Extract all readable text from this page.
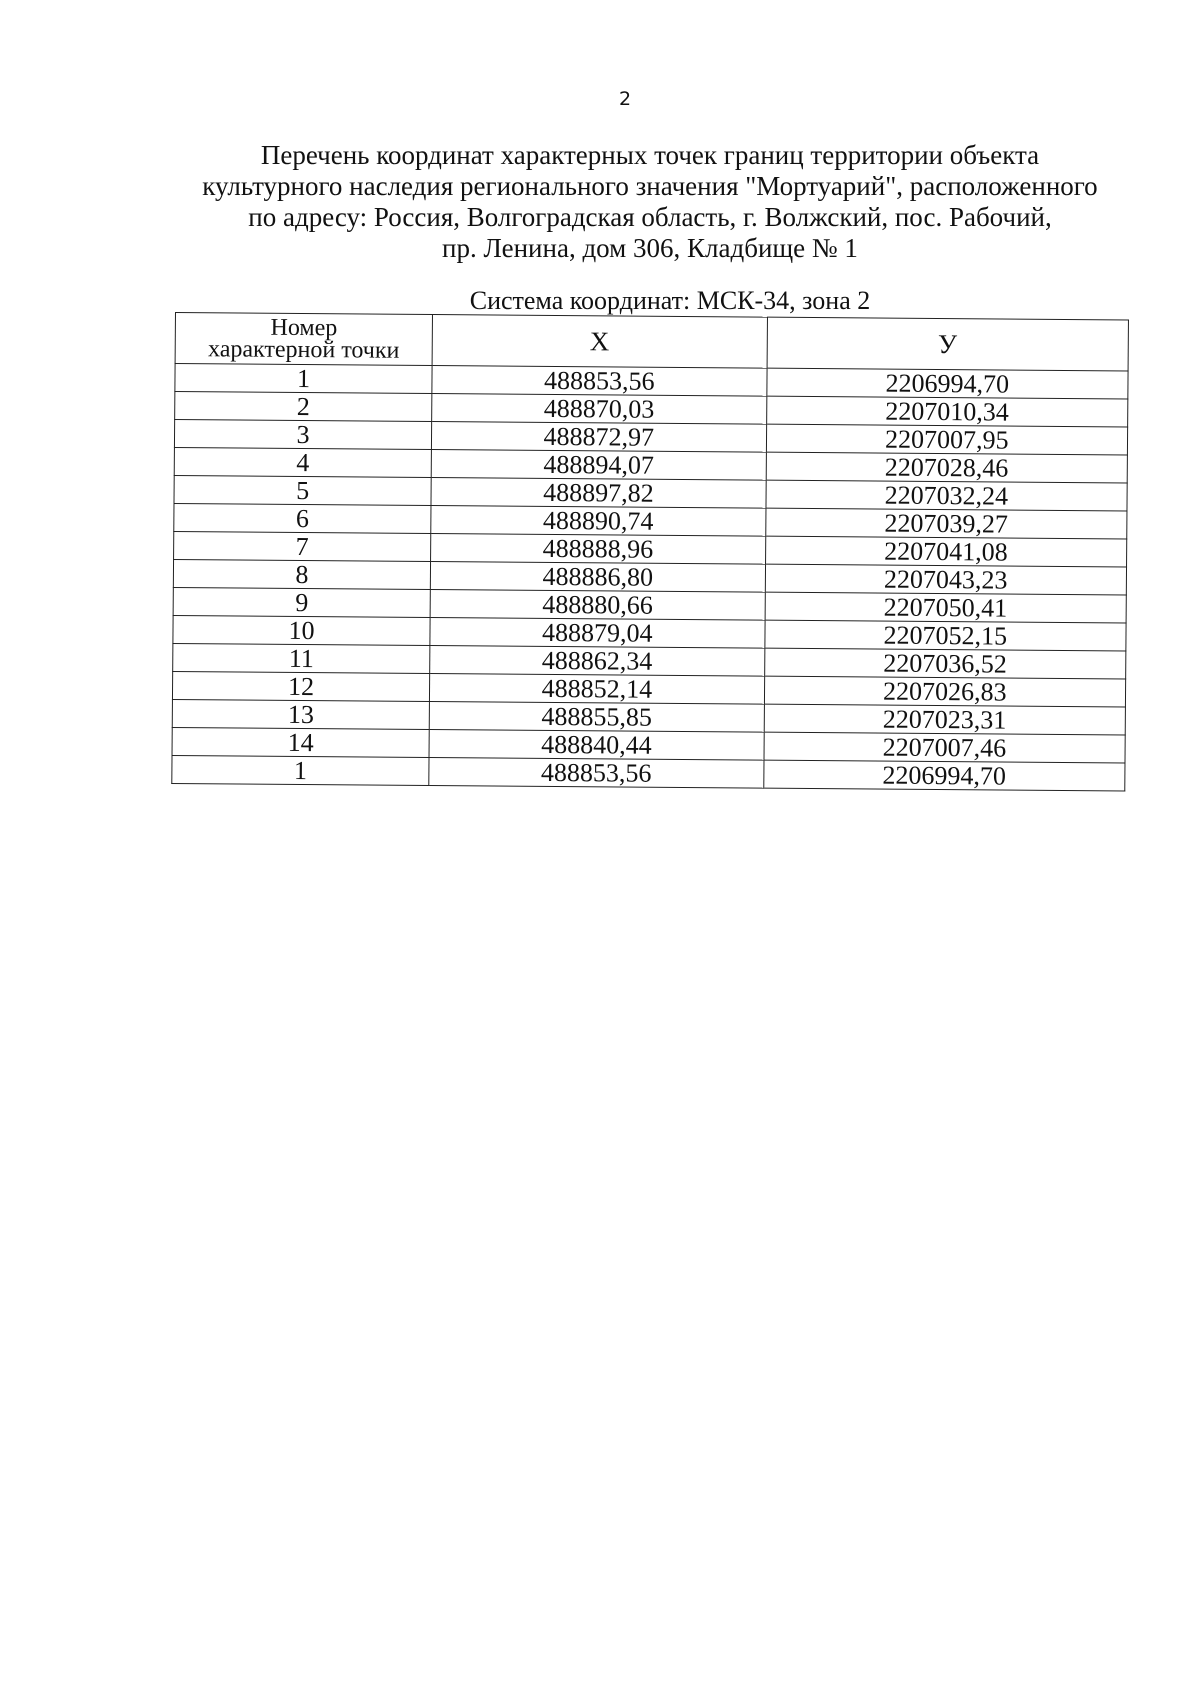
2
Перечень координат характерных точек границ территории объекта
культурного наследия регионального значения "Мортуарий", расположенного
по адресу: Россия, Волгоградская область, г. Волжский, пос. Рабочий,
пр. Ленина, дом 306, Кладбище № 1
Система координат: МСК-34, зона 2
Номер
характерной точки	X	У
1	488853,56	2206994,70
2	488870,03	2207010,34
3	488872,97	2207007,95
4	488894,07	2207028,46
5	488897,82	2207032,24
6	488890,74	2207039,27
7	488888,96	2207041,08
8	488886,80	2207043,23
9	488880,66	2207050,41
10	488879,04	2207052,15
11	488862,34	2207036,52
12	488852,14	2207026,83
13	488855,85	2207023,31
14	488840,44	2207007,46
1	488853,56	2206994,70
